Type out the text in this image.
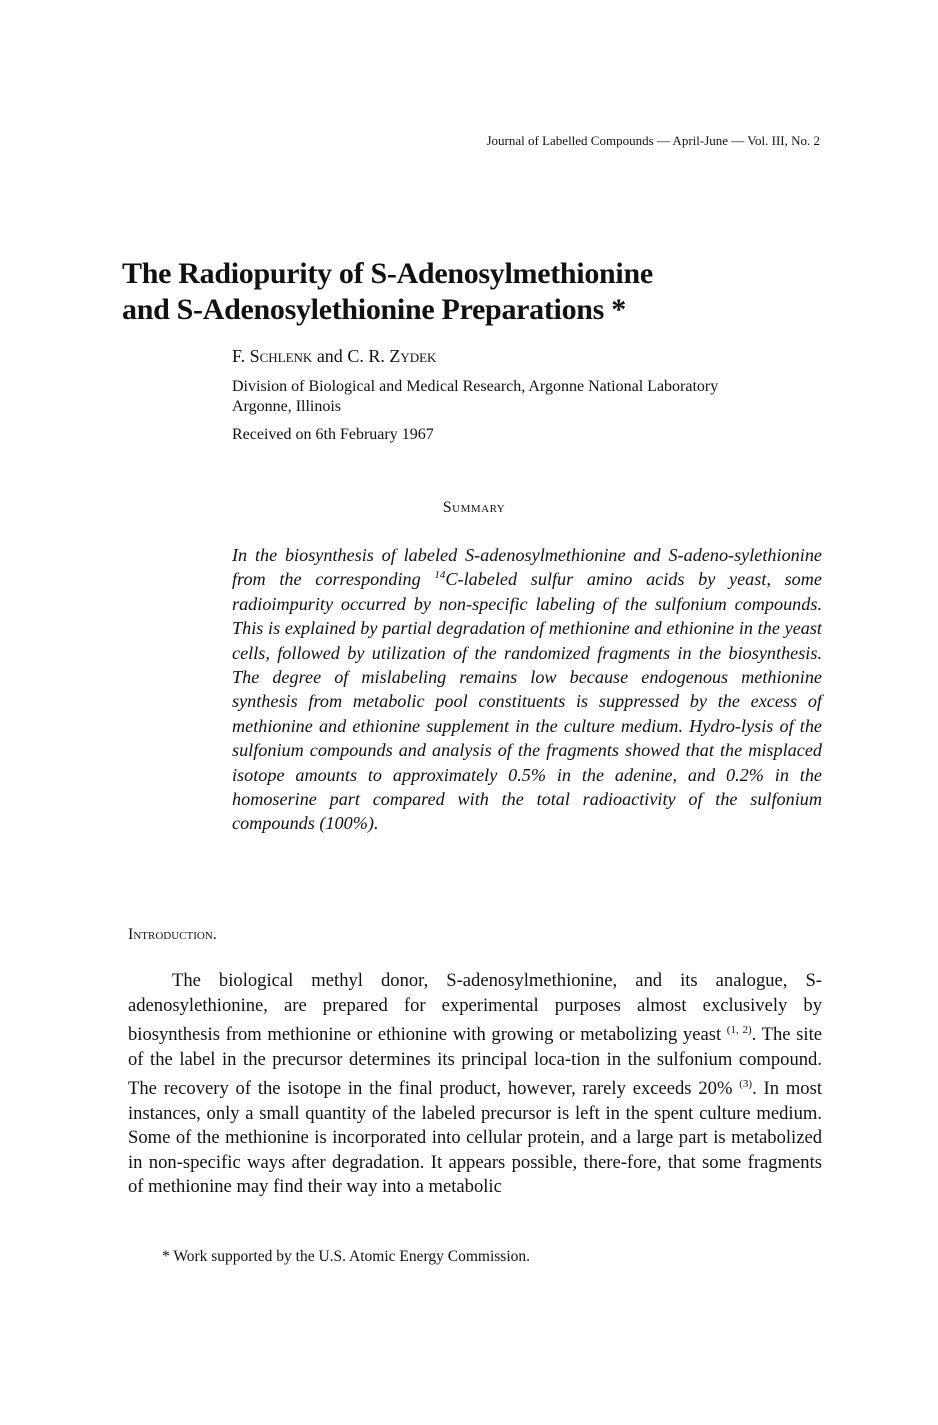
Journal of Labelled Compounds — April-June — Vol. III, No. 2
The Radiopurity of S-Adenosylmethionine
and S-Adenosylethionine Preparations *
F. Schlenk and C. R. Zydek
Division of Biological and Medical Research, Argonne National Laboratory
Argonne, Illinois
Received on 6th February 1967
Summary
In the biosynthesis of labeled S-adenosylmethionine and S-adeno-sylethionine from the corresponding $^{14}$C-labeled sulfur amino acids by yeast, some radioimpurity occurred by non-specific labeling of the sulfonium compounds. This is explained by partial degradation of methionine and ethionine in the yeast cells, followed by utilization of the randomized fragments in the biosynthesis. The degree of mislabeling remains low because endogenous methionine synthesis from metabolic pool constituents is suppressed by the excess of methionine and ethionine supplement in the culture medium. Hydro-lysis of the sulfonium compounds and analysis of the fragments showed that the misplaced isotope amounts to approximately 0.5% in the adenine, and 0.2% in the homoserine part compared with the total radioactivity of the sulfonium compounds (100%).
Introduction.

The biological methyl donor, S-adenosylmethionine, and its analogue, S-adenosylethionine, are prepared for experimental purposes almost exclusively by biosynthesis from methionine or ethionine with growing or metabolizing yeast $^{(1, 2)}$. The site of the label in the precursor determines its principal loca-tion in the sulfonium compound. The recovery of the isotope in the final product, however, rarely exceeds 20% $^{(3)}$. In most instances, only a small quantity of the labeled precursor is left in the spent culture medium. Some of the methionine is incorporated into cellular protein, and a large part is metabolized in non-specific ways after degradation. It appears possible, there-fore, that some fragments of methionine may find their way into a metabolic

* Work supported by the U.S. Atomic Energy Commission.
